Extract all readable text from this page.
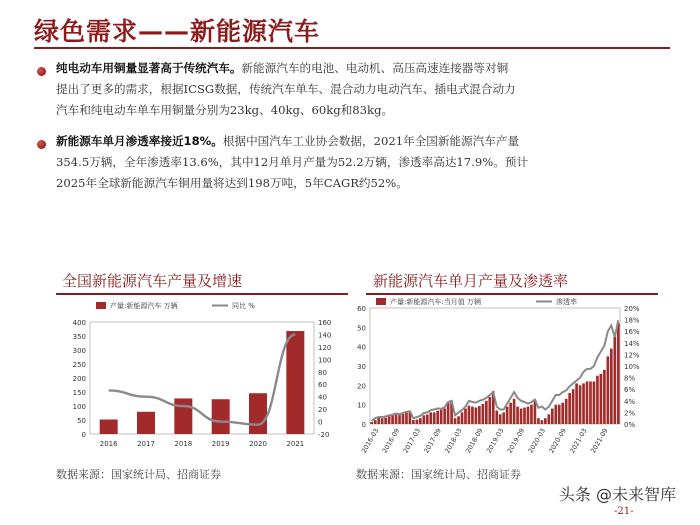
绿色需求——新能源汽车
纯电动车用铜量显著高于传统汽车。新能源汽车的电池、电动机、高压高速连接器等对铜
提出了更多的需求，根据ICSG数据，传统汽车单车、混合动力电动汽车、插电式混合动力
汽车和纯电动车单车用铜量分别为23kg、40kg、60kg和83kg。
新能源车单月渗透率接近18%。根据中国汽车工业协会数据，2021年全国新能源汽车产量
354.5万辆，全年渗透率13.6%，其中12月单月产量为52.2万辆，渗透率高达17.9%。预计
2025年全球新能源汽车铜用量将达到198万吨，5年CAGR约52%。
全国新能源汽车产量及增速
0
50
100
150
200
250
300
350
400
-20
0
20
40
60
80
100
120
140
160
2016	2017	2018	2019	2020	2021
产量:新能源汽车 万辆	同比 %
数据来源：国家统计局、招商证券
新能源汽车单月产量及渗透率
0
10
20
30
40
50
60
0%
2%
4%
6%
8%
10%
12%
14%
16%
18%
20%
2016-03 2016-09 2017-03 2017-09 2018-03 2018-09 2019-03 2019-09 2020-03 2020-09 2021-03 2021-09
产量:新能源汽车:当月值 万辆	渗透率
数据来源：国家统计局、招商证券
头条 @未来智库
-21-
